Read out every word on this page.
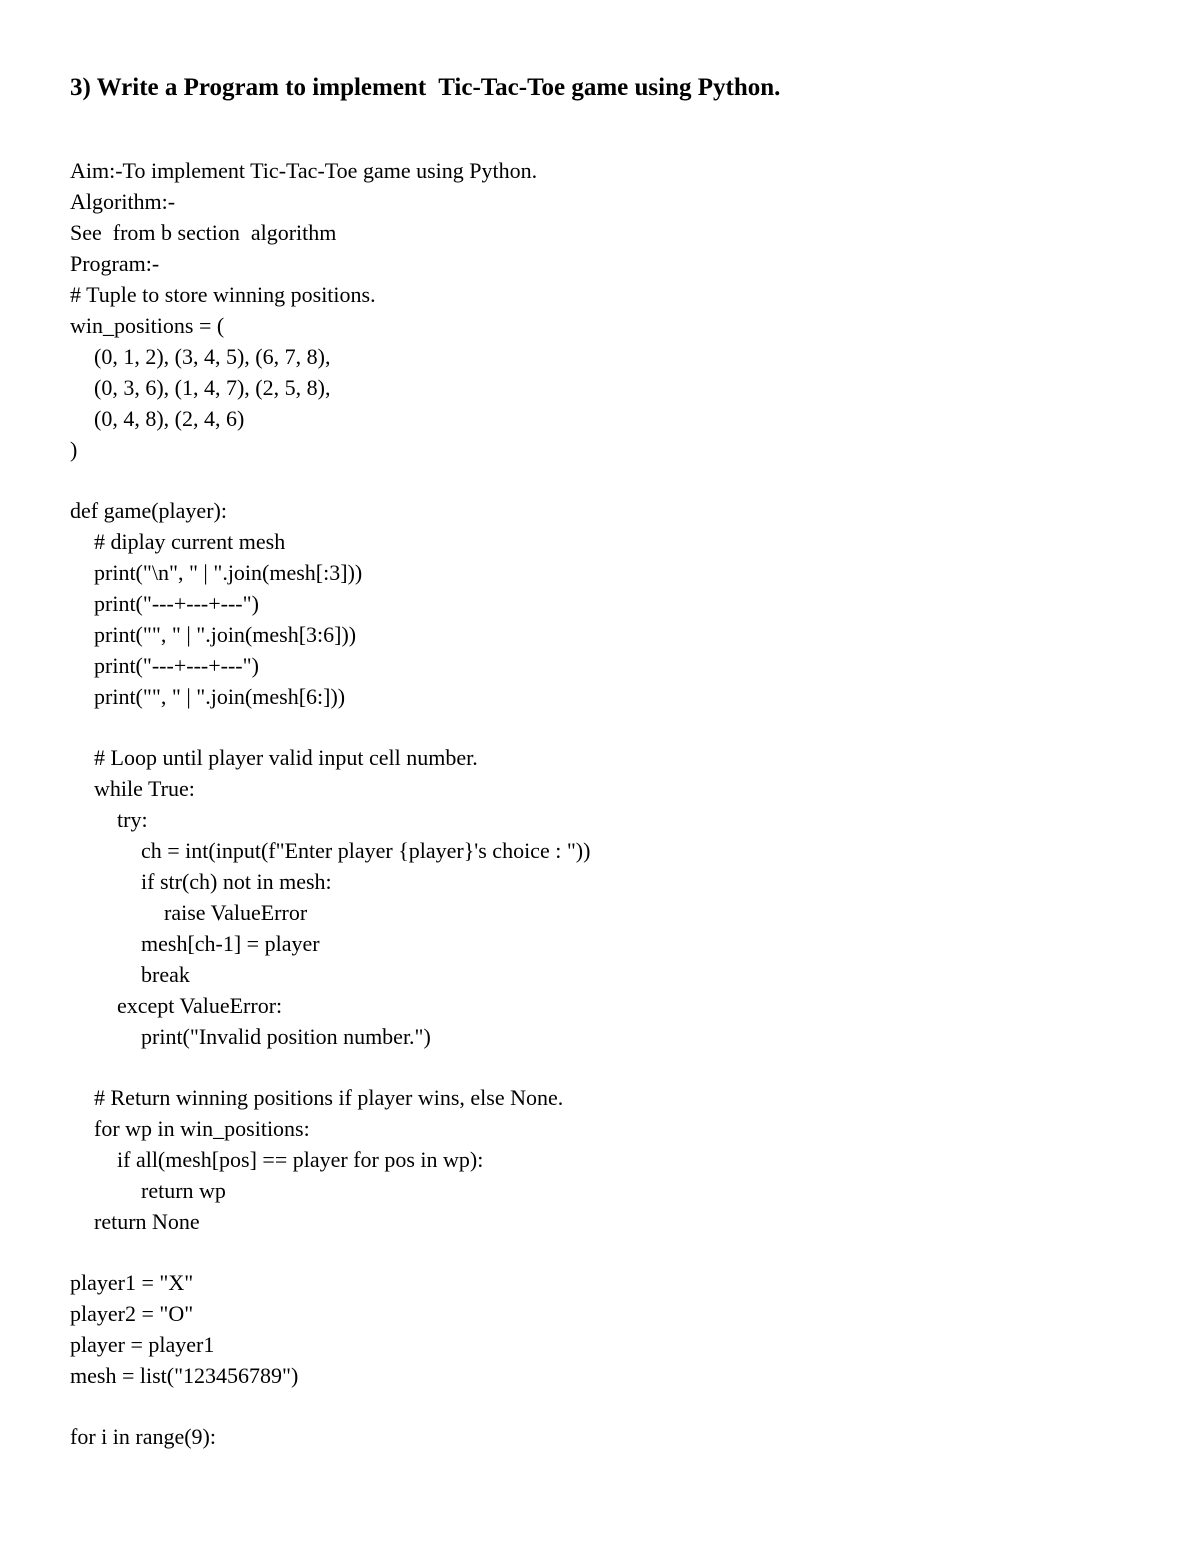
3) Write a Program to implement  Tic-Tac-Toe game using Python.
Aim:-To implement Tic-Tac-Toe game using Python.
Algorithm:-
See  from b section  algorithm
Program:-
# Tuple to store winning positions.
win_positions = (
(0, 1, 2), (3, 4, 5), (6, 7, 8),
(0, 3, 6), (1, 4, 7), (2, 5, 8),
(0, 4, 8), (2, 4, 6)
)
def game(player):
# diplay current mesh
print("\n", " | ".join(mesh[:3]))
print("---+---+---")
print("", " | ".join(mesh[3:6]))
print("---+---+---")
print("", " | ".join(mesh[6:]))
# Loop until player valid input cell number.
while True:
try:
ch = int(input(f"Enter player {player}'s choice : "))
if str(ch) not in mesh:
raise ValueError
mesh[ch-1] = player
break
except ValueError:
print("Invalid position number.")
# Return winning positions if player wins, else None.
for wp in win_positions:
if all(mesh[pos] == player for pos in wp):
return wp
return None
player1 = "X"
player2 = "O"
player = player1
mesh = list("123456789")
for i in range(9):
